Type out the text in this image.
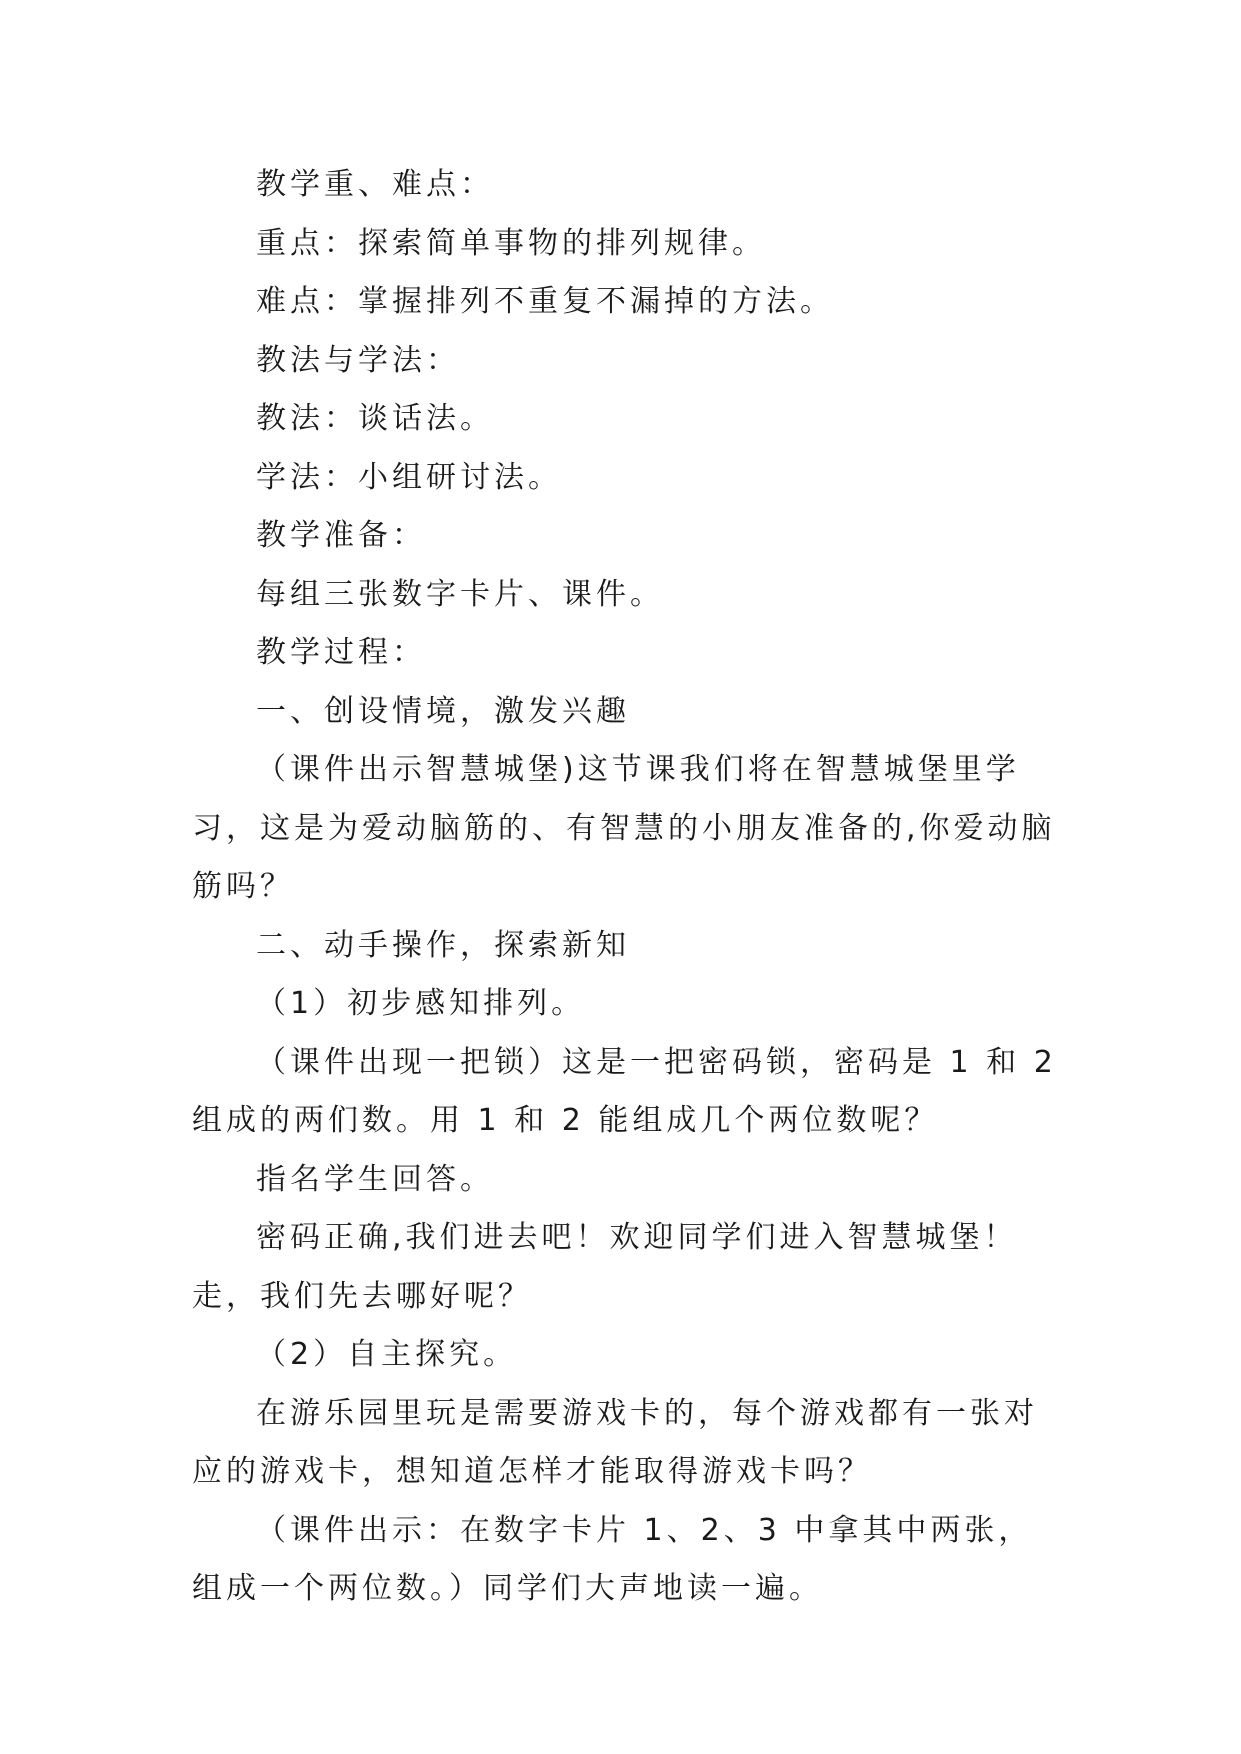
教学重、难点：

重点：探索简单事物的排列规律。

难点：掌握排列不重复不漏掉的方法。

教法与学法：

教法：谈话法。

学法：小组研讨法。

教学准备：

每组三张数字卡片、课件。

教学过程：

一、创设情境，激发兴趣

（课件出示智慧城堡)这节课我们将在智慧城堡里学习，这是为爱动脑筋的、有智慧的小朋友准备的,你爱动脑筋吗？

二、动手操作，探索新知

（1）初步感知排列。

（课件出现一把锁）这是一把密码锁，密码是 1 和 2 组成的两们数。用 1 和 2 能组成几个两位数呢？

指名学生回答。

密码正确,我们进去吧！欢迎同学们进入智慧城堡！走，我们先去哪好呢？

（2）自主探究。

在游乐园里玩是需要游戏卡的，每个游戏都有一张对应的游戏卡，想知道怎样才能取得游戏卡吗？

（课件出示：在数字卡片 1、2、3 中拿其中两张，组成一个两位数。）同学们大声地读一遍。
